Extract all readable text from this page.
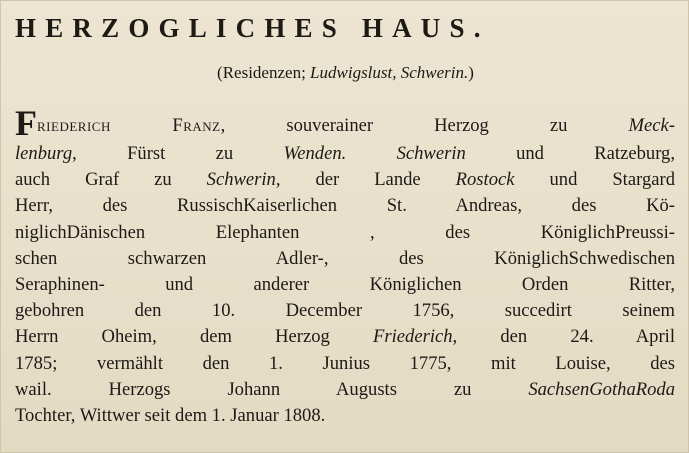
HERZOGLICHES HAUS.
(Residenzen; Ludwigslust, Schwerin.)
Friederich Franz, souverainer Herzog zu Meck-
lenburg, Fürst zu Wenden. Schwerin und Ratzeburg,
auch Graf zu Schwerin, der Lande Rostock und Stargard
Herr, des RussischKaiserlichen St. Andreas, des Kö-
niglichDänischen Elephanten , des KöniglichPreussi-
schen schwarzen Adler-, des KöniglichSchwedischen
Seraphinen- und anderer Königlichen Orden Ritter,
gebohren den 10. December 1756, succedirt seinem
Herrn Oheim, dem Herzog Friederich, den 24. April
1785; vermählt den 1. Junius 1775, mit Louise, des
wail. Herzogs Johann Augusts zu SachsenGothaRoda
Tochter, Wittwer seit dem 1. Januar 1808.
